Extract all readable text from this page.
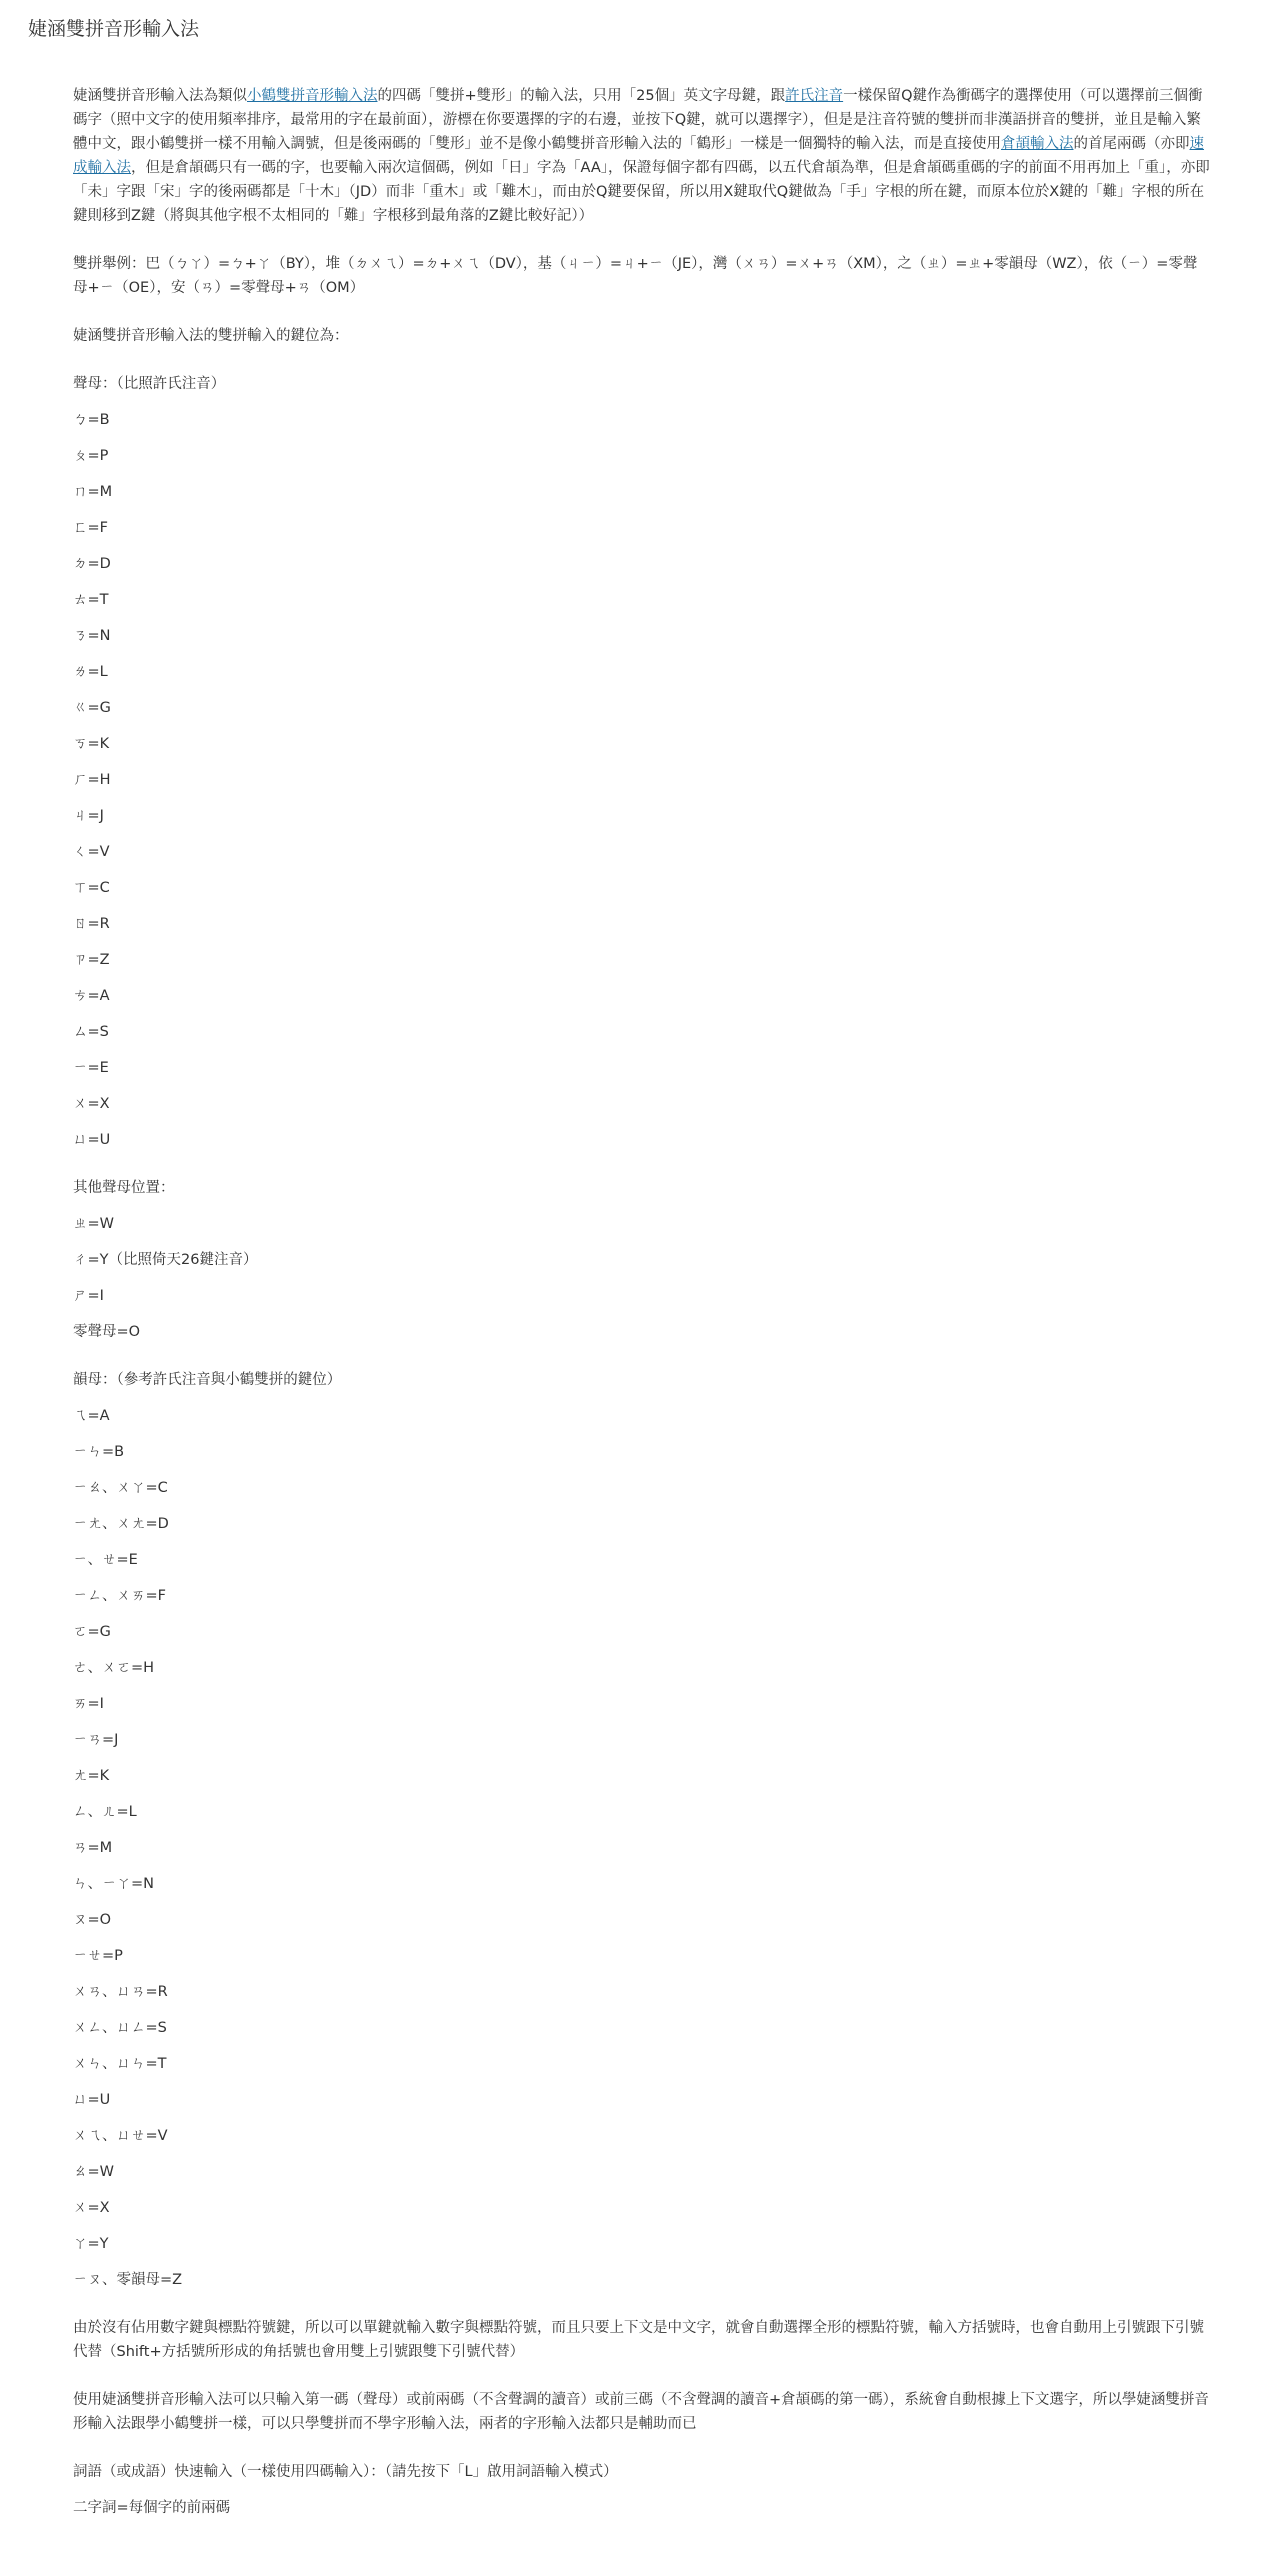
婕涵雙拼音形輸入法

婕涵雙拼音形輸入法為類似小鶴雙拼音形輸入法的四碼「雙拼+雙形」的輸入法，只用「25個」英文字母鍵，跟許氏注音一樣保留Q鍵作為衝碼字的選擇使用（可以選擇前三個衝碼字（照中文字的使用頻率排序，最常用的字在最前面），游標在你要選擇的字的右邊，並按下Q鍵，就可以選擇字），但是是注音符號的雙拼而非漢語拼音的雙拼，並且是輸入繁體中文，跟小鶴雙拼一樣不用輸入調號，但是後兩碼的「雙形」並不是像小鶴雙拼音形輸入法的「鶴形」一樣是一個獨特的輸入法，而是直接使用倉頡輸入法的首尾兩碼（亦即速成輸入法，但是倉頡碼只有一碼的字，也要輸入兩次這個碼，例如「日」字為「AA」，保證每個字都有四碼，以五代倉頡為準，但是倉頡碼重碼的字的前面不用再加上「重」，亦即「未」字跟「宋」字的後兩碼都是「十木」（JD）而非「重木」或「難木」，而由於Q鍵要保留，所以用X鍵取代Q鍵做為「手」字根的所在鍵，而原本位於X鍵的「難」字根的所在鍵則移到Z鍵（將與其他字根不太相同的「難」字根移到最角落的Z鍵比較好記））

雙拼舉例：巴（ㄅㄚ）=ㄅ+ㄚ（BY），堆（ㄉㄨㄟ）=ㄉ+ㄨㄟ（DV），基（ㄐㄧ）=ㄐ+ㄧ（JE），灣（ㄨㄢ）=ㄨ+ㄢ（XM），之（ㄓ）=ㄓ+零韻母（WZ），依（ㄧ）=零聲母+ㄧ（OE），安（ㄢ）=零聲母+ㄢ（OM）

婕涵雙拼音形輸入法的雙拼輸入的鍵位為：

聲母：（比照許氏注音）

ㄅ=B

ㄆ=P

ㄇ=M

ㄈ=F

ㄉ=D

ㄊ=T

ㄋ=N

ㄌ=L

ㄍ=G

ㄎ=K

ㄏ=H

ㄐ=J

ㄑ=V

ㄒ=C

ㄖ=R

ㄗ=Z

ㄘ=A

ㄙ=S

ㄧ=E

ㄨ=X

ㄩ=U

其他聲母位置：

ㄓ=W

ㄔ=Y（比照倚天26鍵注音）

ㄕ=I

零聲母=O

韻母：（參考許氏注音與小鶴雙拼的鍵位）

ㄟ=A

ㄧㄣ=B

ㄧㄠ、ㄨㄚ=C

ㄧㄤ、ㄨㄤ=D

ㄧ、ㄝ=E

ㄧㄥ、ㄨㄞ=F

ㄛ=G

ㄜ、ㄨㄛ=H

ㄞ=I

ㄧㄢ=J

ㄤ=K

ㄥ、ㄦ=L

ㄢ=M

ㄣ、ㄧㄚ=N

ㄡ=O

ㄧㄝ=P

ㄨㄢ、ㄩㄢ=R

ㄨㄥ、ㄩㄥ=S

ㄨㄣ、ㄩㄣ=T

ㄩ=U

ㄨㄟ、ㄩㄝ=V

ㄠ=W

ㄨ=X

ㄚ=Y

ㄧㄡ、零韻母=Z

由於沒有佔用數字鍵與標點符號鍵，所以可以單鍵就輸入數字與標點符號，而且只要上下文是中文字，就會自動選擇全形的標點符號，輸入方括號時，也會自動用上引號跟下引號代替（Shift+方括號所形成的角括號也會用雙上引號跟雙下引號代替）

使用婕涵雙拼音形輸入法可以只輸入第一碼（聲母）或前兩碼（不含聲調的讀音）或前三碼（不含聲調的讀音+倉頡碼的第一碼），系統會自動根據上下文選字，所以學婕涵雙拼音形輸入法跟學小鶴雙拼一樣，可以只學雙拼而不學字形輸入法，兩者的字形輸入法都只是輔助而已

詞語（或成語）快速輸入（一樣使用四碼輸入）：（請先按下「L」啟用詞語輸入模式）

二字詞=每個字的前兩碼
